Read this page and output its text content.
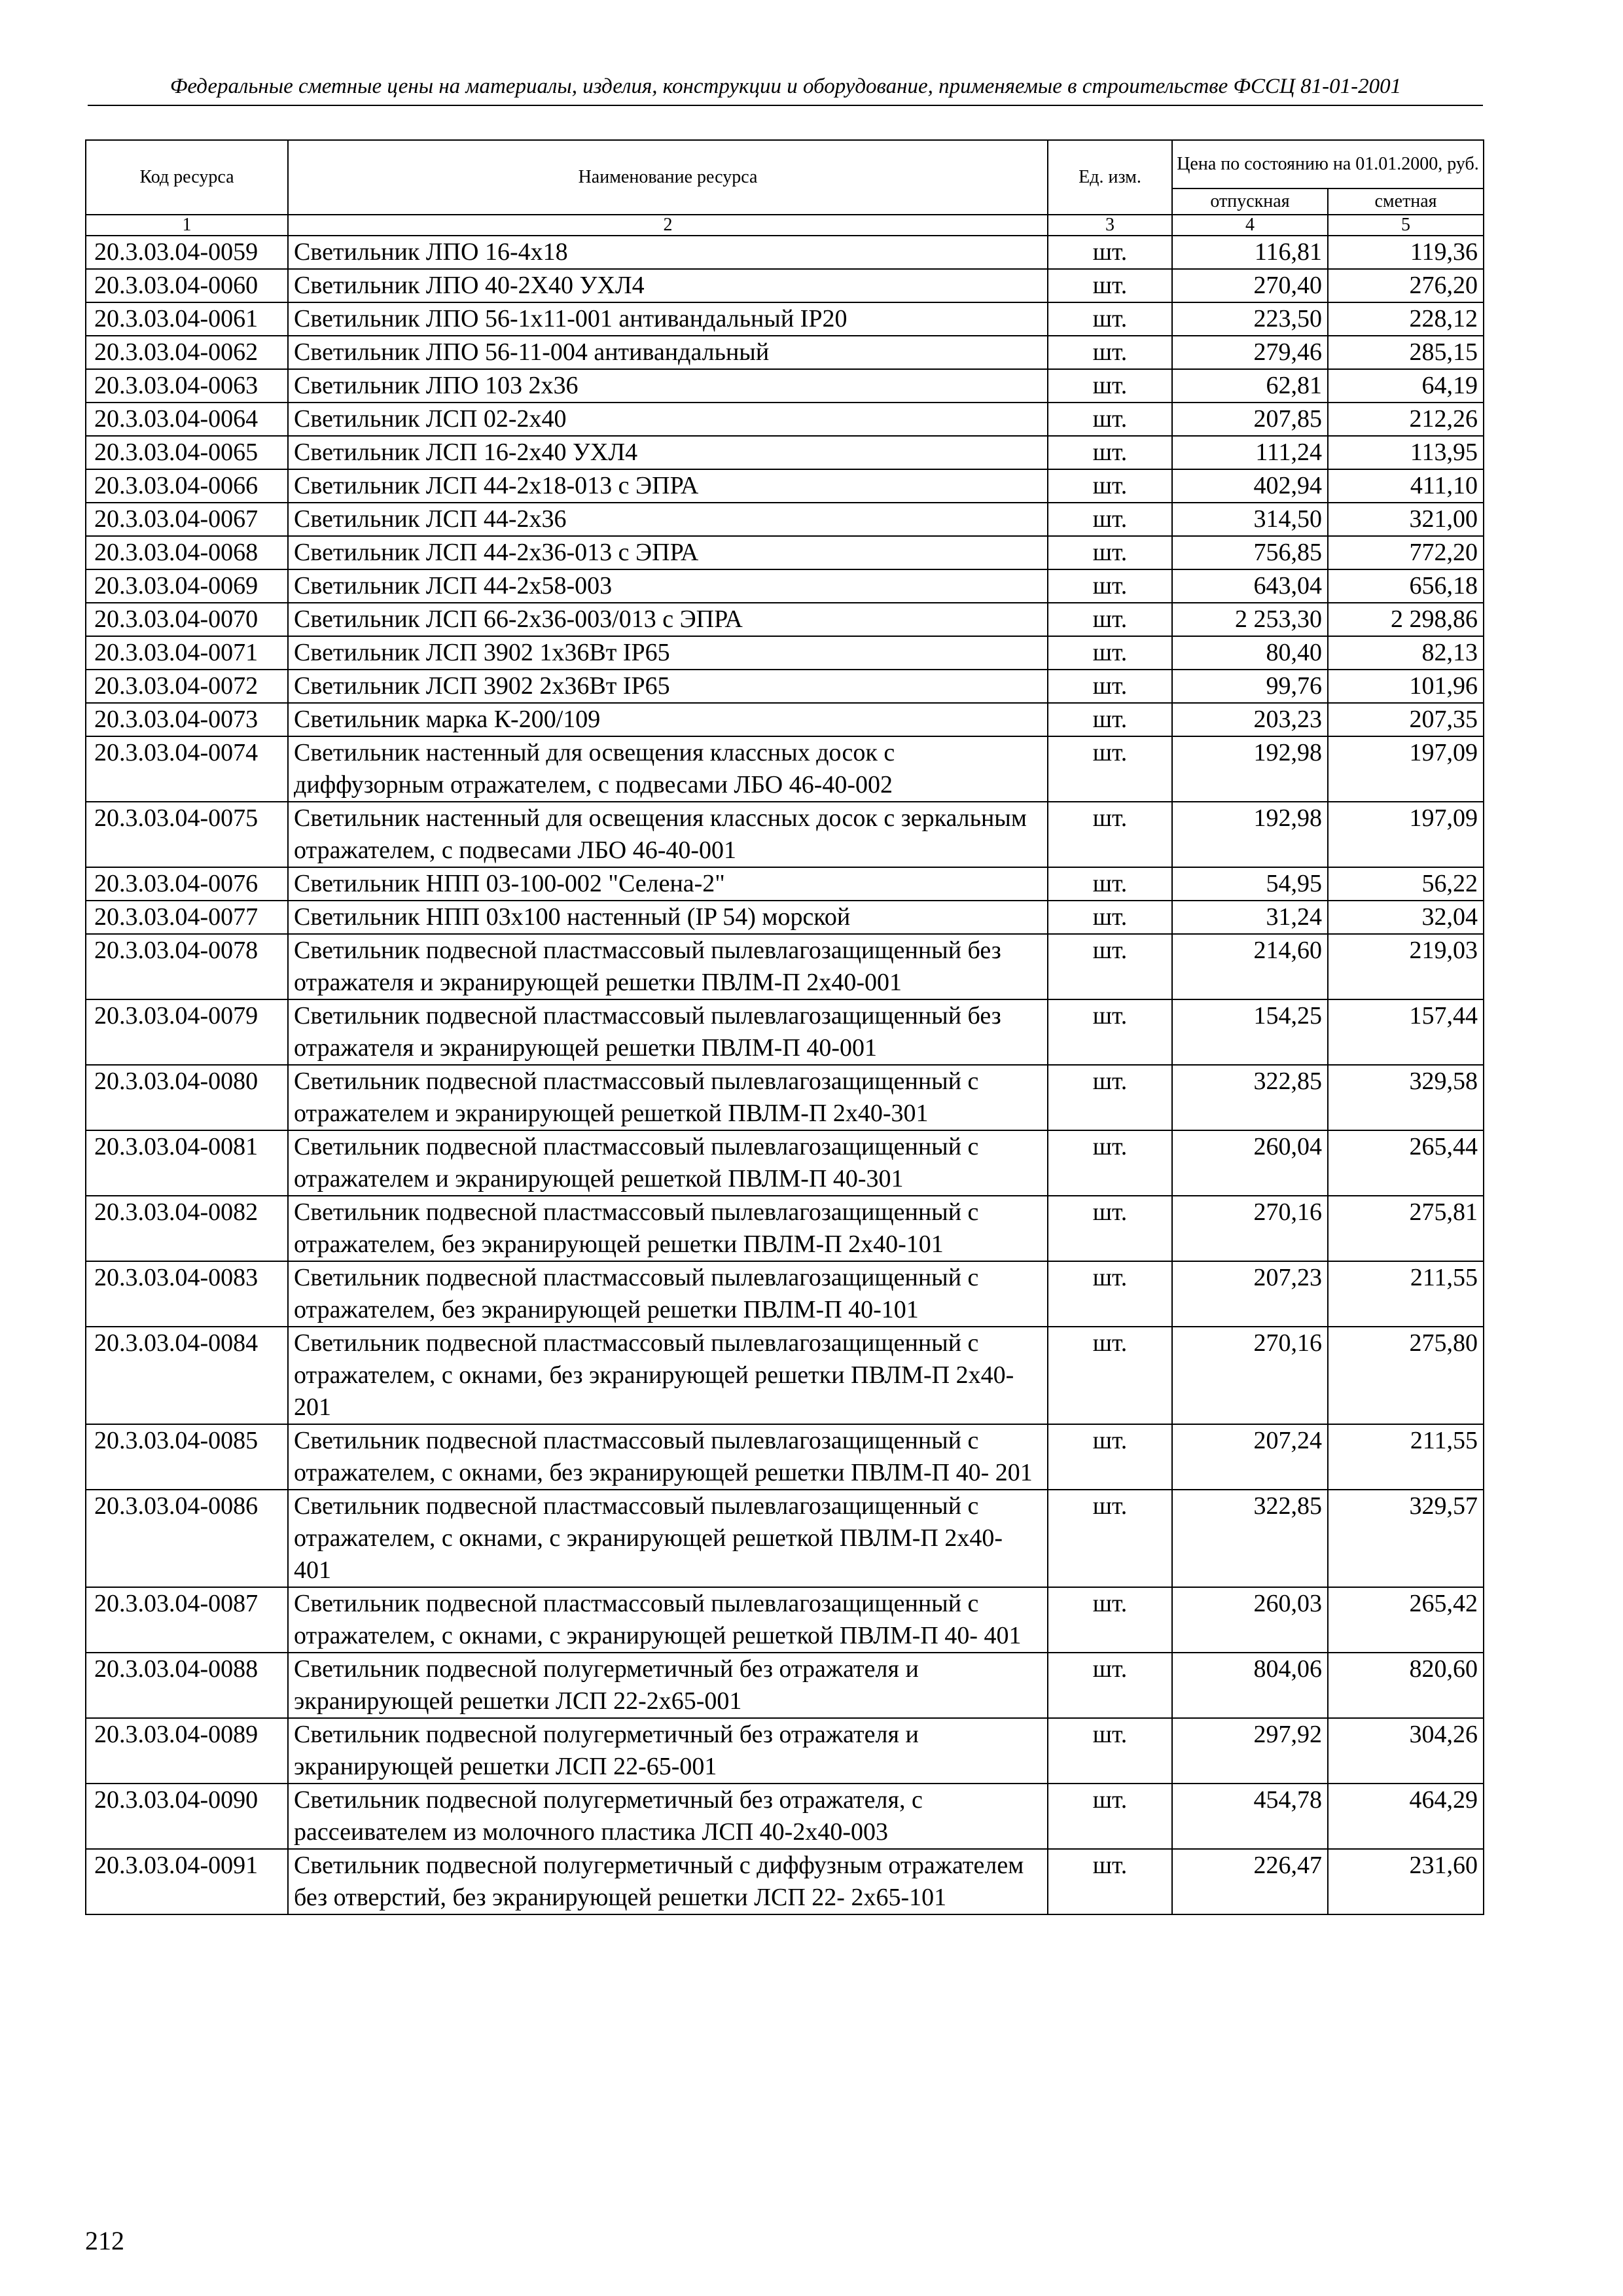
Федеральные сметные цены на материалы, изделия, конструкции и оборудование, применяемые в строительстве ФССЦ 81-01-2001
Код ресурса	Наименование ресурса	Ед. изм.	Цена по состоянию на 01.01.2000, руб.	
			отпускная	сметная
1	2	3	4	5
20.3.03.04-0059	Светильник ЛПО 16-4х18	шт.	116,81	119,36
20.3.03.04-0060	Светильник ЛПО 40-2Х40 УХЛ4	шт.	270,40	276,20
20.3.03.04-0061	Светильник ЛПО 56-1х11-001 антивандальный IP20	шт.	223,50	228,12
20.3.03.04-0062	Светильник ЛПО 56-11-004 антивандальный	шт.	279,46	285,15
20.3.03.04-0063	Светильник ЛПО 103 2х36	шт.	62,81	64,19
20.3.03.04-0064	Светильник ЛСП 02-2х40	шт.	207,85	212,26
20.3.03.04-0065	Светильник ЛСП 16-2х40 УХЛ4	шт.	111,24	113,95
20.3.03.04-0066	Светильник ЛСП 44-2х18-013 с ЭПРА	шт.	402,94	411,10
20.3.03.04-0067	Светильник ЛСП 44-2х36	шт.	314,50	321,00
20.3.03.04-0068	Светильник ЛСП 44-2х36-013 с ЭПРА	шт.	756,85	772,20
20.3.03.04-0069	Светильник ЛСП 44-2х58-003	шт.	643,04	656,18
20.3.03.04-0070	Светильник ЛСП 66-2х36-003/013 с ЭПРА	шт.	2 253,30	2 298,86
20.3.03.04-0071	Светильник ЛСП 3902 1х36Вт IP65	шт.	80,40	82,13
20.3.03.04-0072	Светильник ЛСП 3902 2х36Вт IP65	шт.	99,76	101,96
20.3.03.04-0073	Светильник марка К-200/109	шт.	203,23	207,35
20.3.03.04-0074	Светильник настенный для освещения классных досок с диффузорным отражателем, с подвесами ЛБО 46-40-002	шт.	192,98	197,09
20.3.03.04-0075	Светильник настенный для освещения классных досок с зеркальным отражателем, с подвесами ЛБО 46-40-001	шт.	192,98	197,09
20.3.03.04-0076	Светильник НПП 03-100-002 "Селена-2"	шт.	54,95	56,22
20.3.03.04-0077	Светильник НПП 03х100 настенный (IP 54) морской	шт.	31,24	32,04
20.3.03.04-0078	Светильник подвесной пластмассовый пылевлагозащищенный без отражателя и экранирующей решетки ПВЛМ-П 2х40-001	шт.	214,60	219,03
20.3.03.04-0079	Светильник подвесной пластмассовый пылевлагозащищенный без отражателя и экранирующей решетки ПВЛМ-П 40-001	шт.	154,25	157,44
20.3.03.04-0080	Светильник подвесной пластмассовый пылевлагозащищенный с отражателем и экранирующей решеткой ПВЛМ-П 2х40-301	шт.	322,85	329,58
20.3.03.04-0081	Светильник подвесной пластмассовый пылевлагозащищенный с отражателем и экранирующей решеткой ПВЛМ-П 40-301	шт.	260,04	265,44
20.3.03.04-0082	Светильник подвесной пластмассовый пылевлагозащищенный с отражателем, без экранирующей решетки ПВЛМ-П 2х40-101	шт.	270,16	275,81
20.3.03.04-0083	Светильник подвесной пластмассовый пылевлагозащищенный с отражателем, без экранирующей решетки ПВЛМ-П 40-101	шт.	207,23	211,55
20.3.03.04-0084	Светильник подвесной пластмассовый пылевлагозащищенный с отражателем, с окнами, без экранирующей решетки ПВЛМ-П 2х40-201	шт.	270,16	275,80
20.3.03.04-0085	Светильник подвесной пластмассовый пылевлагозащищенный с отражателем, с окнами, без экранирующей решетки ПВЛМ-П 40- 201	шт.	207,24	211,55
20.3.03.04-0086	Светильник подвесной пластмассовый пылевлагозащищенный с отражателем, с окнами, с экранирующей решеткой ПВЛМ-П 2х40- 401	шт.	322,85	329,57
20.3.03.04-0087	Светильник подвесной пластмассовый пылевлагозащищенный с отражателем, с окнами, с экранирующей решеткой ПВЛМ-П 40- 401	шт.	260,03	265,42
20.3.03.04-0088	Светильник подвесной полугерметичный без отражателя и экранирующей решетки ЛСП 22-2х65-001	шт.	804,06	820,60
20.3.03.04-0089	Светильник подвесной полугерметичный без отражателя и экранирующей решетки ЛСП 22-65-001	шт.	297,92	304,26
20.3.03.04-0090	Светильник подвесной полугерметичный без отражателя, с рассеивателем из молочного пластика ЛСП 40-2х40-003	шт.	454,78	464,29
20.3.03.04-0091	Светильник подвесной полугерметичный с диффузным отражателем без отверстий, без экранирующей решетки ЛСП 22- 2х65-101	шт.	226,47	231,60
212
